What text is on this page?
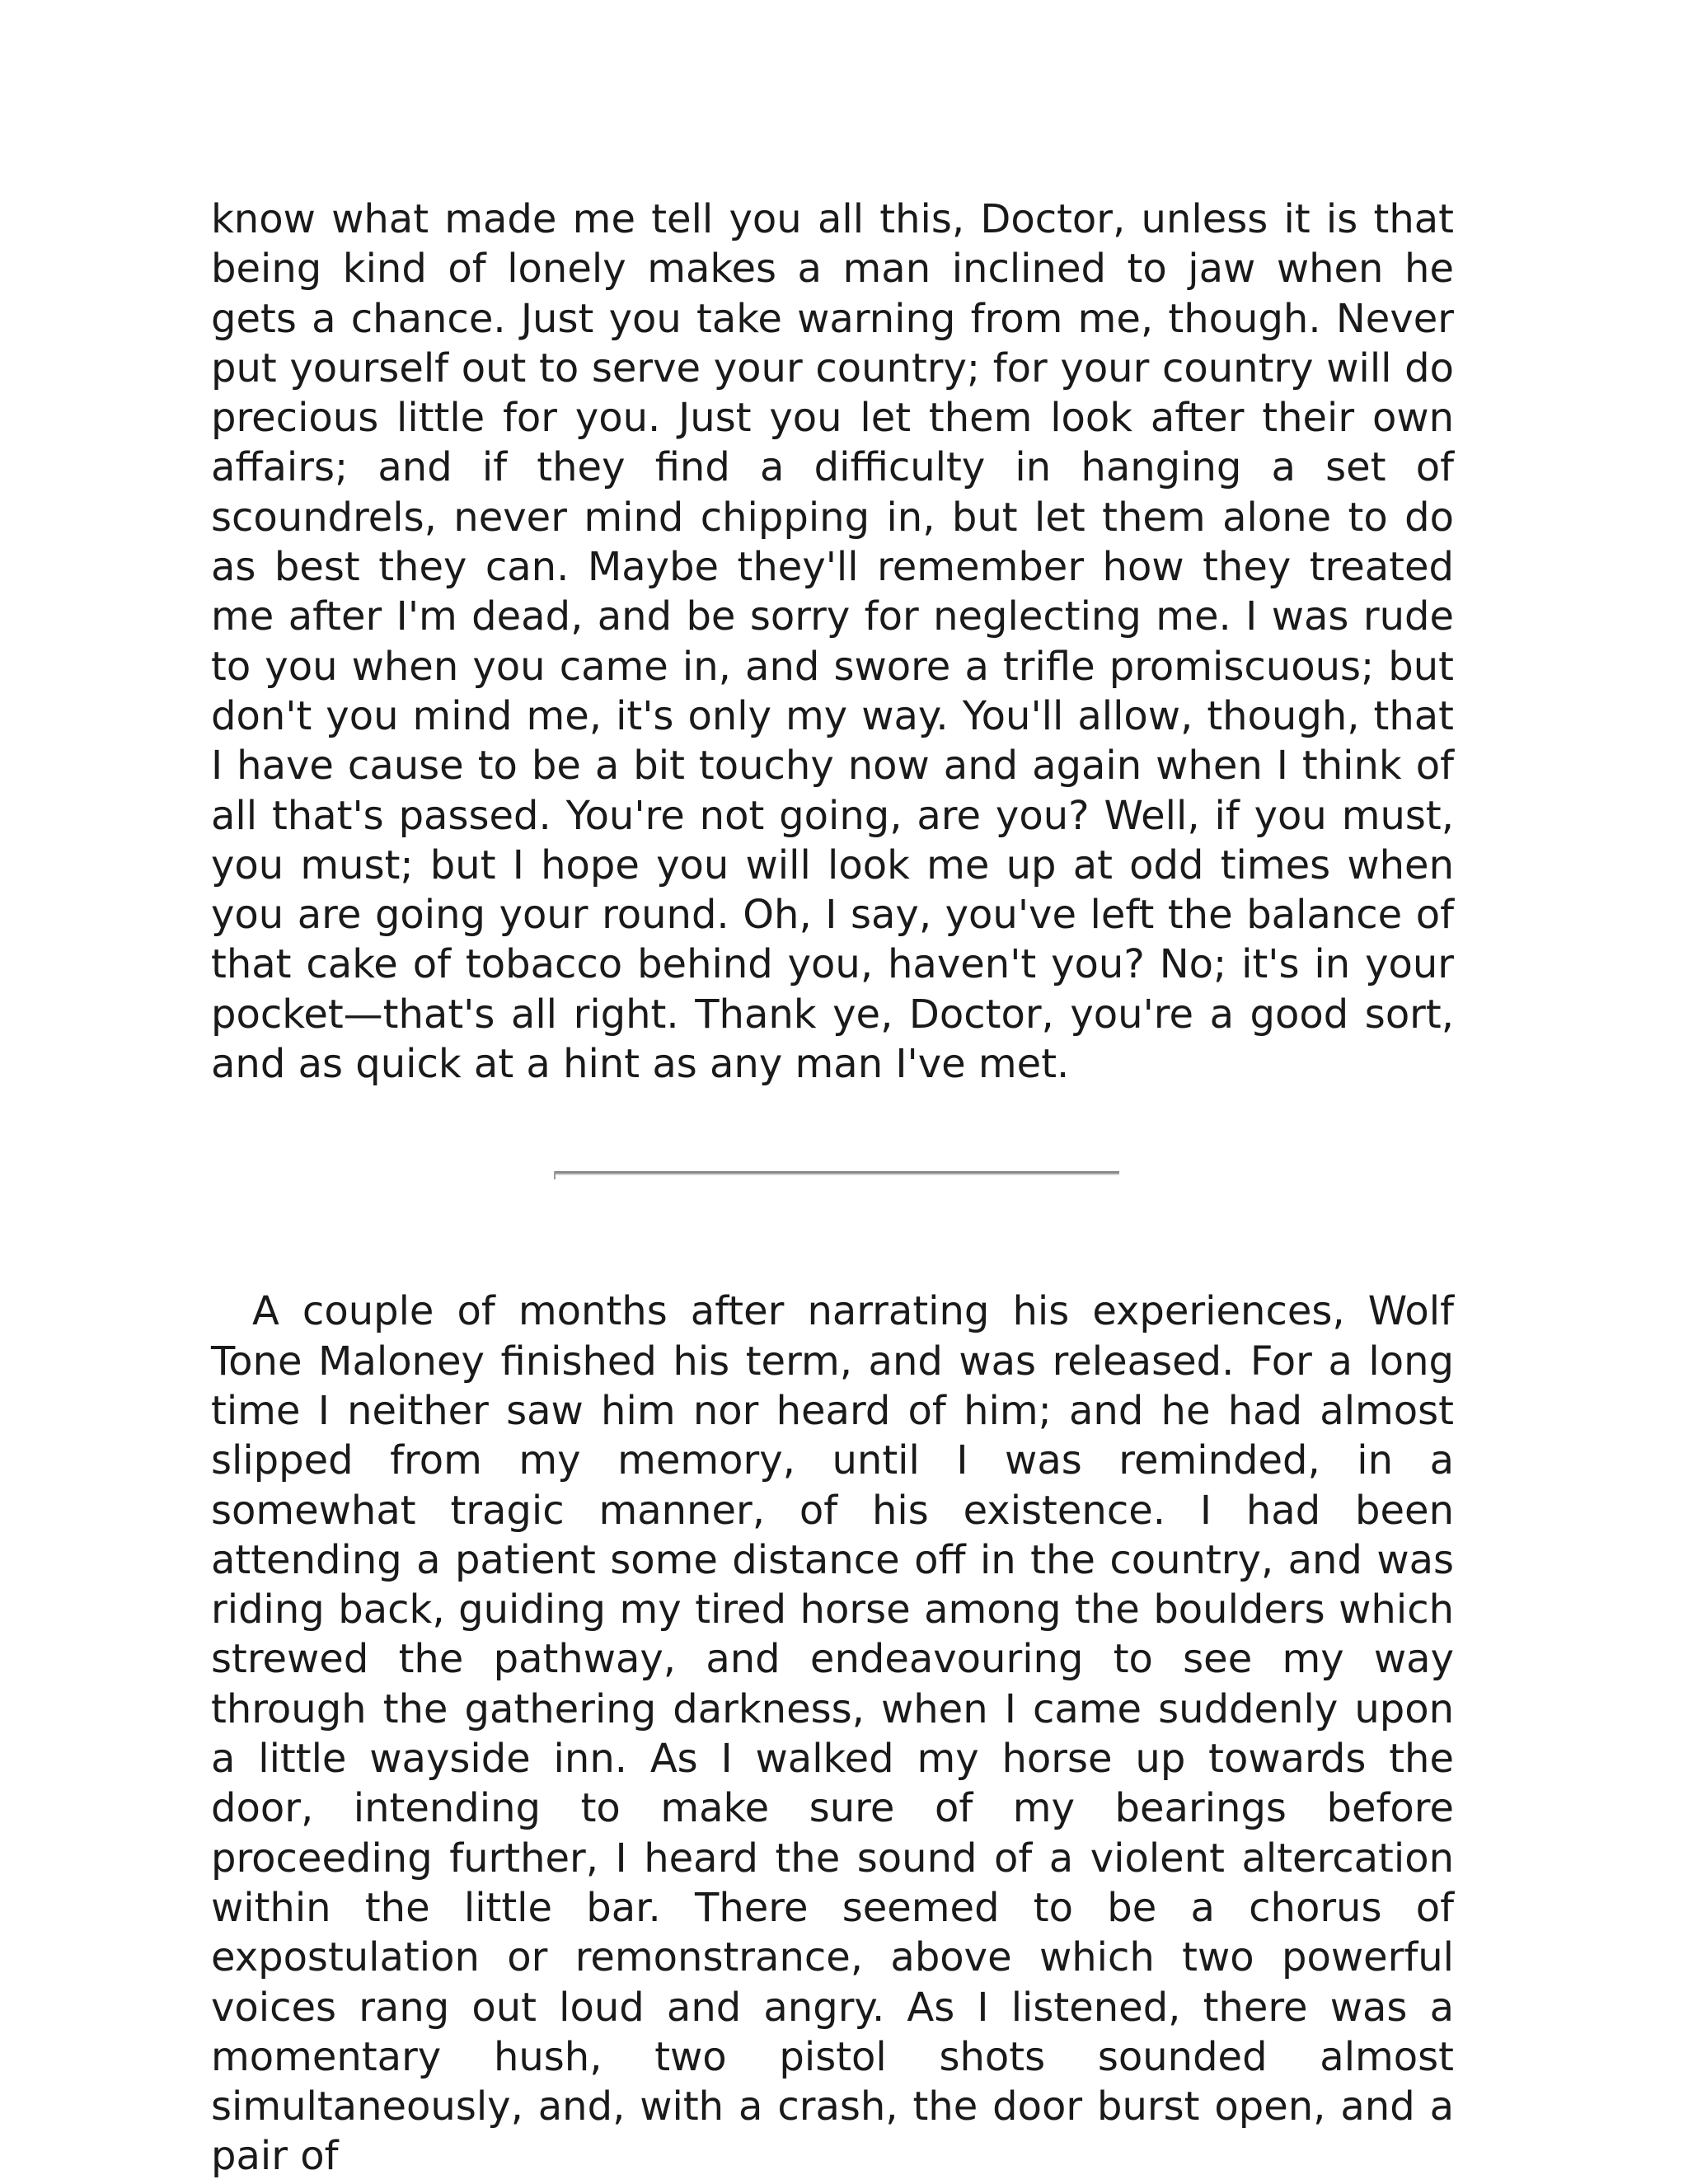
know what made me tell you all this, Doctor, unless it is that being kind of lonely makes a man inclined to jaw when he gets a chance. Just you take warning from me, though. Never put yourself out to serve your country; for your country will do precious little for you. Just you let them look after their own affairs; and if they find a difficulty in hanging a set of scoundrels, never mind chipping in, but let them alone to do as best they can. Maybe they'll remember how they treated me after I'm dead, and be sorry for neglecting me. I was rude to you when you came in, and swore a trifle promiscuous; but don't you mind me, it's only my way. You'll allow, though, that I have cause to be a bit touchy now and again when I think of all that's passed. You're not going, are you? Well, if you must, you must; but I hope you will look me up at odd times when you are going your round. Oh, I say, you've left the balance of that cake of tobacco behind you, haven't you? No; it's in your pocket—that's all right. Thank ye, Doctor, you're a good sort, and as quick at a hint as any man I've met.

A couple of months after narrating his experiences, Wolf Tone Maloney finished his term, and was released. For a long time I neither saw him nor heard of him; and he had almost slipped from my memory, until I was reminded, in a somewhat tragic manner, of his existence. I had been attending a patient some distance off in the country, and was riding back, guiding my tired horse among the boulders which strewed the pathway, and endeavouring to see my way through the gathering darkness, when I came suddenly upon a little wayside inn. As I walked my horse up towards the door, intending to make sure of my bearings before proceeding further, I heard the sound of a violent altercation within the little bar. There seemed to be a chorus of expostulation or remonstrance, above which two powerful voices rang out loud and angry. As I listened, there was a momentary hush, two pistol shots sounded almost simultaneously, and, with a crash, the door burst open, and a pair of
